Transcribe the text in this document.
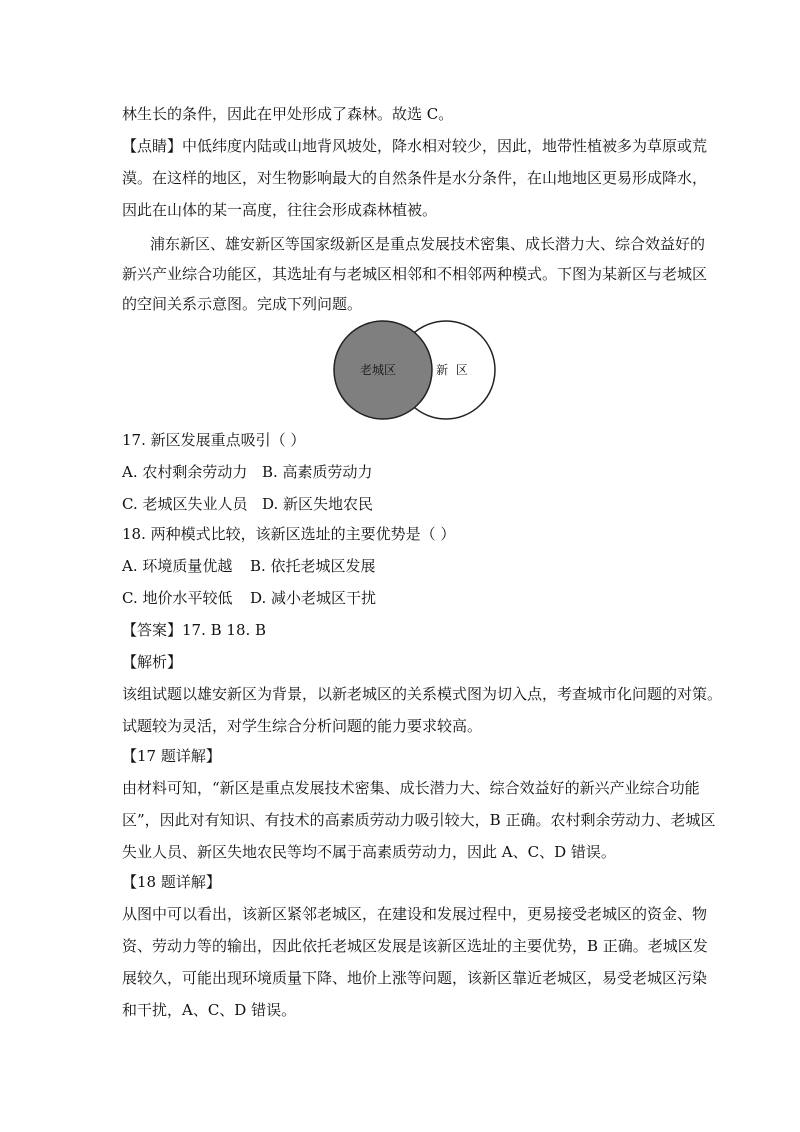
林生长的条件，因此在甲处形成了森林。故选 C。
【点睛】中低纬度内陆或山地背风坡处，降水相对较少，因此，地带性植被多为草原或荒
漠。在这样的地区，对生物影响最大的自然条件是水分条件，在山地地区更易形成降水，
因此在山体的某一高度，往往会形成森林植被。
浦东新区、雄安新区等国家级新区是重点发展技术密集、成长潜力大、综合效益好的
新兴产业综合功能区，其选址有与老城区相邻和不相邻两种模式。下图为某新区与老城区
的空间关系示意图。完成下列问题。
老城区	新  区
17. 新区发展重点吸引（ ）
A. 农村剩余劳动力 B. 高素质劳动力
C. 老城区失业人员 D. 新区失地农民
18. 两种模式比较，该新区选址的主要优势是（ ）
A. 环境质量优越 B. 依托老城区发展
C. 地价水平较低 D. 减小老城区干扰
【答案】17. B 18. B
【解析】
该组试题以雄安新区为背景，以新老城区的关系模式图为切入点，考查城市化问题的对策。
试题较为灵活，对学生综合分析问题的能力要求较高。
【17 题详解】
由材料可知，“新区是重点发展技术密集、成长潜力大、综合效益好的新兴产业综合功能
区”，因此对有知识、有技术的高素质劳动力吸引较大，B 正确。农村剩余劳动力、老城区
失业人员、新区失地农民等均不属于高素质劳动力，因此 A、C、D 错误。
【18 题详解】
从图中可以看出，该新区紧邻老城区，在建设和发展过程中，更易接受老城区的资金、物
资、劳动力等的输出，因此依托老城区发展是该新区选址的主要优势，B 正确。老城区发
展较久，可能出现环境质量下降、地价上涨等问题，该新区靠近老城区，易受老城区污染
和干扰，A、C、D 错误。
